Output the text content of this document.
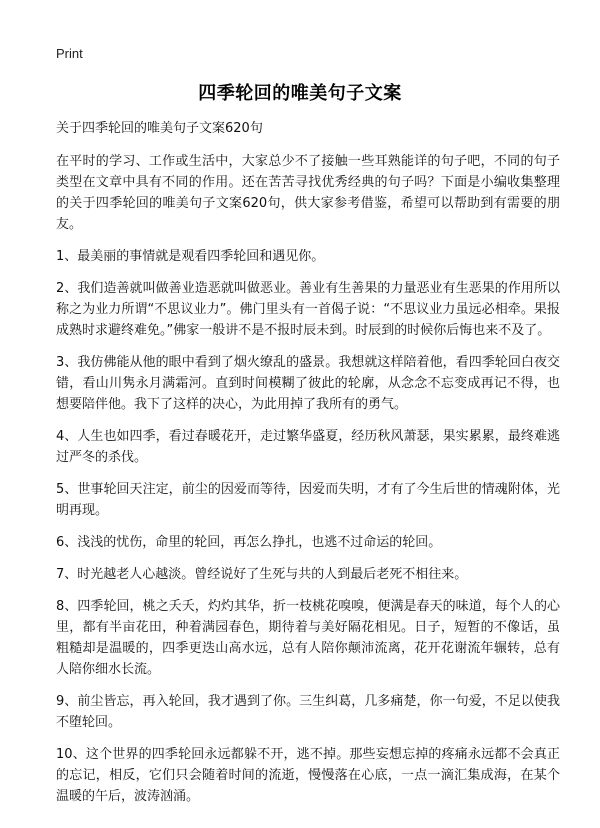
Print
四季轮回的唯美句子文案

关于四季轮回的唯美句子文案620句

在平时的学习、工作或生活中，大家总少不了接触一些耳熟能详的句子吧，不同的句子类型在文章中具有不同的作用。还在苦苦寻找优秀经典的句子吗？下面是小编收集整理的关于四季轮回的唯美句子文案620句，供大家参考借鉴，希望可以帮助到有需要的朋友。

1、最美丽的事情就是观看四季轮回和遇见你。

2、我们造善就叫做善业造恶就叫做恶业。善业有生善果的力量恶业有生恶果的作用所以称之为业力所谓“不思议业力”。佛门里头有一首偈子说：“不思议业力虽远必相牵。果报成熟时求避终难免。”佛家一般讲不是不报时辰未到。时辰到的时候你后悔也来不及了。

3、我仿佛能从他的眼中看到了烟火缭乱的盛景。我想就这样陪着他，看四季轮回白夜交错，看山川隽永月满霜河。直到时间模糊了彼此的轮廓，从念念不忘变成再记不得，也想要陪伴他。我下了这样的决心，为此用掉了我所有的勇气。

4、人生也如四季，看过春暖花开，走过繁华盛夏，经历秋风萧瑟，果实累累，最终难逃过严冬的杀伐。

5、世事轮回天注定，前尘的因爱而等待，因爱而失明，才有了今生后世的情魂附体，光明再现。

6、浅浅的忧伤，命里的轮回，再怎么挣扎，也逃不过命运的轮回。

7、时光越老人心越淡。曾经说好了生死与共的人到最后老死不相往来。

8、四季轮回，桃之夭夭，灼灼其华，折一枝桃花嗅嗅，便满是春天的味道，每个人的心里，都有半亩花田，种着满园春色，期待着与美好隔花相见。日子，短暂的不像话，虽粗糙却是温暖的，四季更迭山高水远，总有人陪你颠沛流离，花开花谢流年辗转，总有人陪你细水长流。

9、前尘皆忘，再入轮回，我才遇到了你。三生纠葛，几多痛楚，你一句爱，不足以使我不堕轮回。

10、这个世界的四季轮回永远都躲不开，逃不掉。那些妄想忘掉的疼痛永远都不会真正的忘记，相反，它们只会随着时间的流逝，慢慢落在心底，一点一滴汇集成海，在某个温暖的午后，波涛汹涌。
